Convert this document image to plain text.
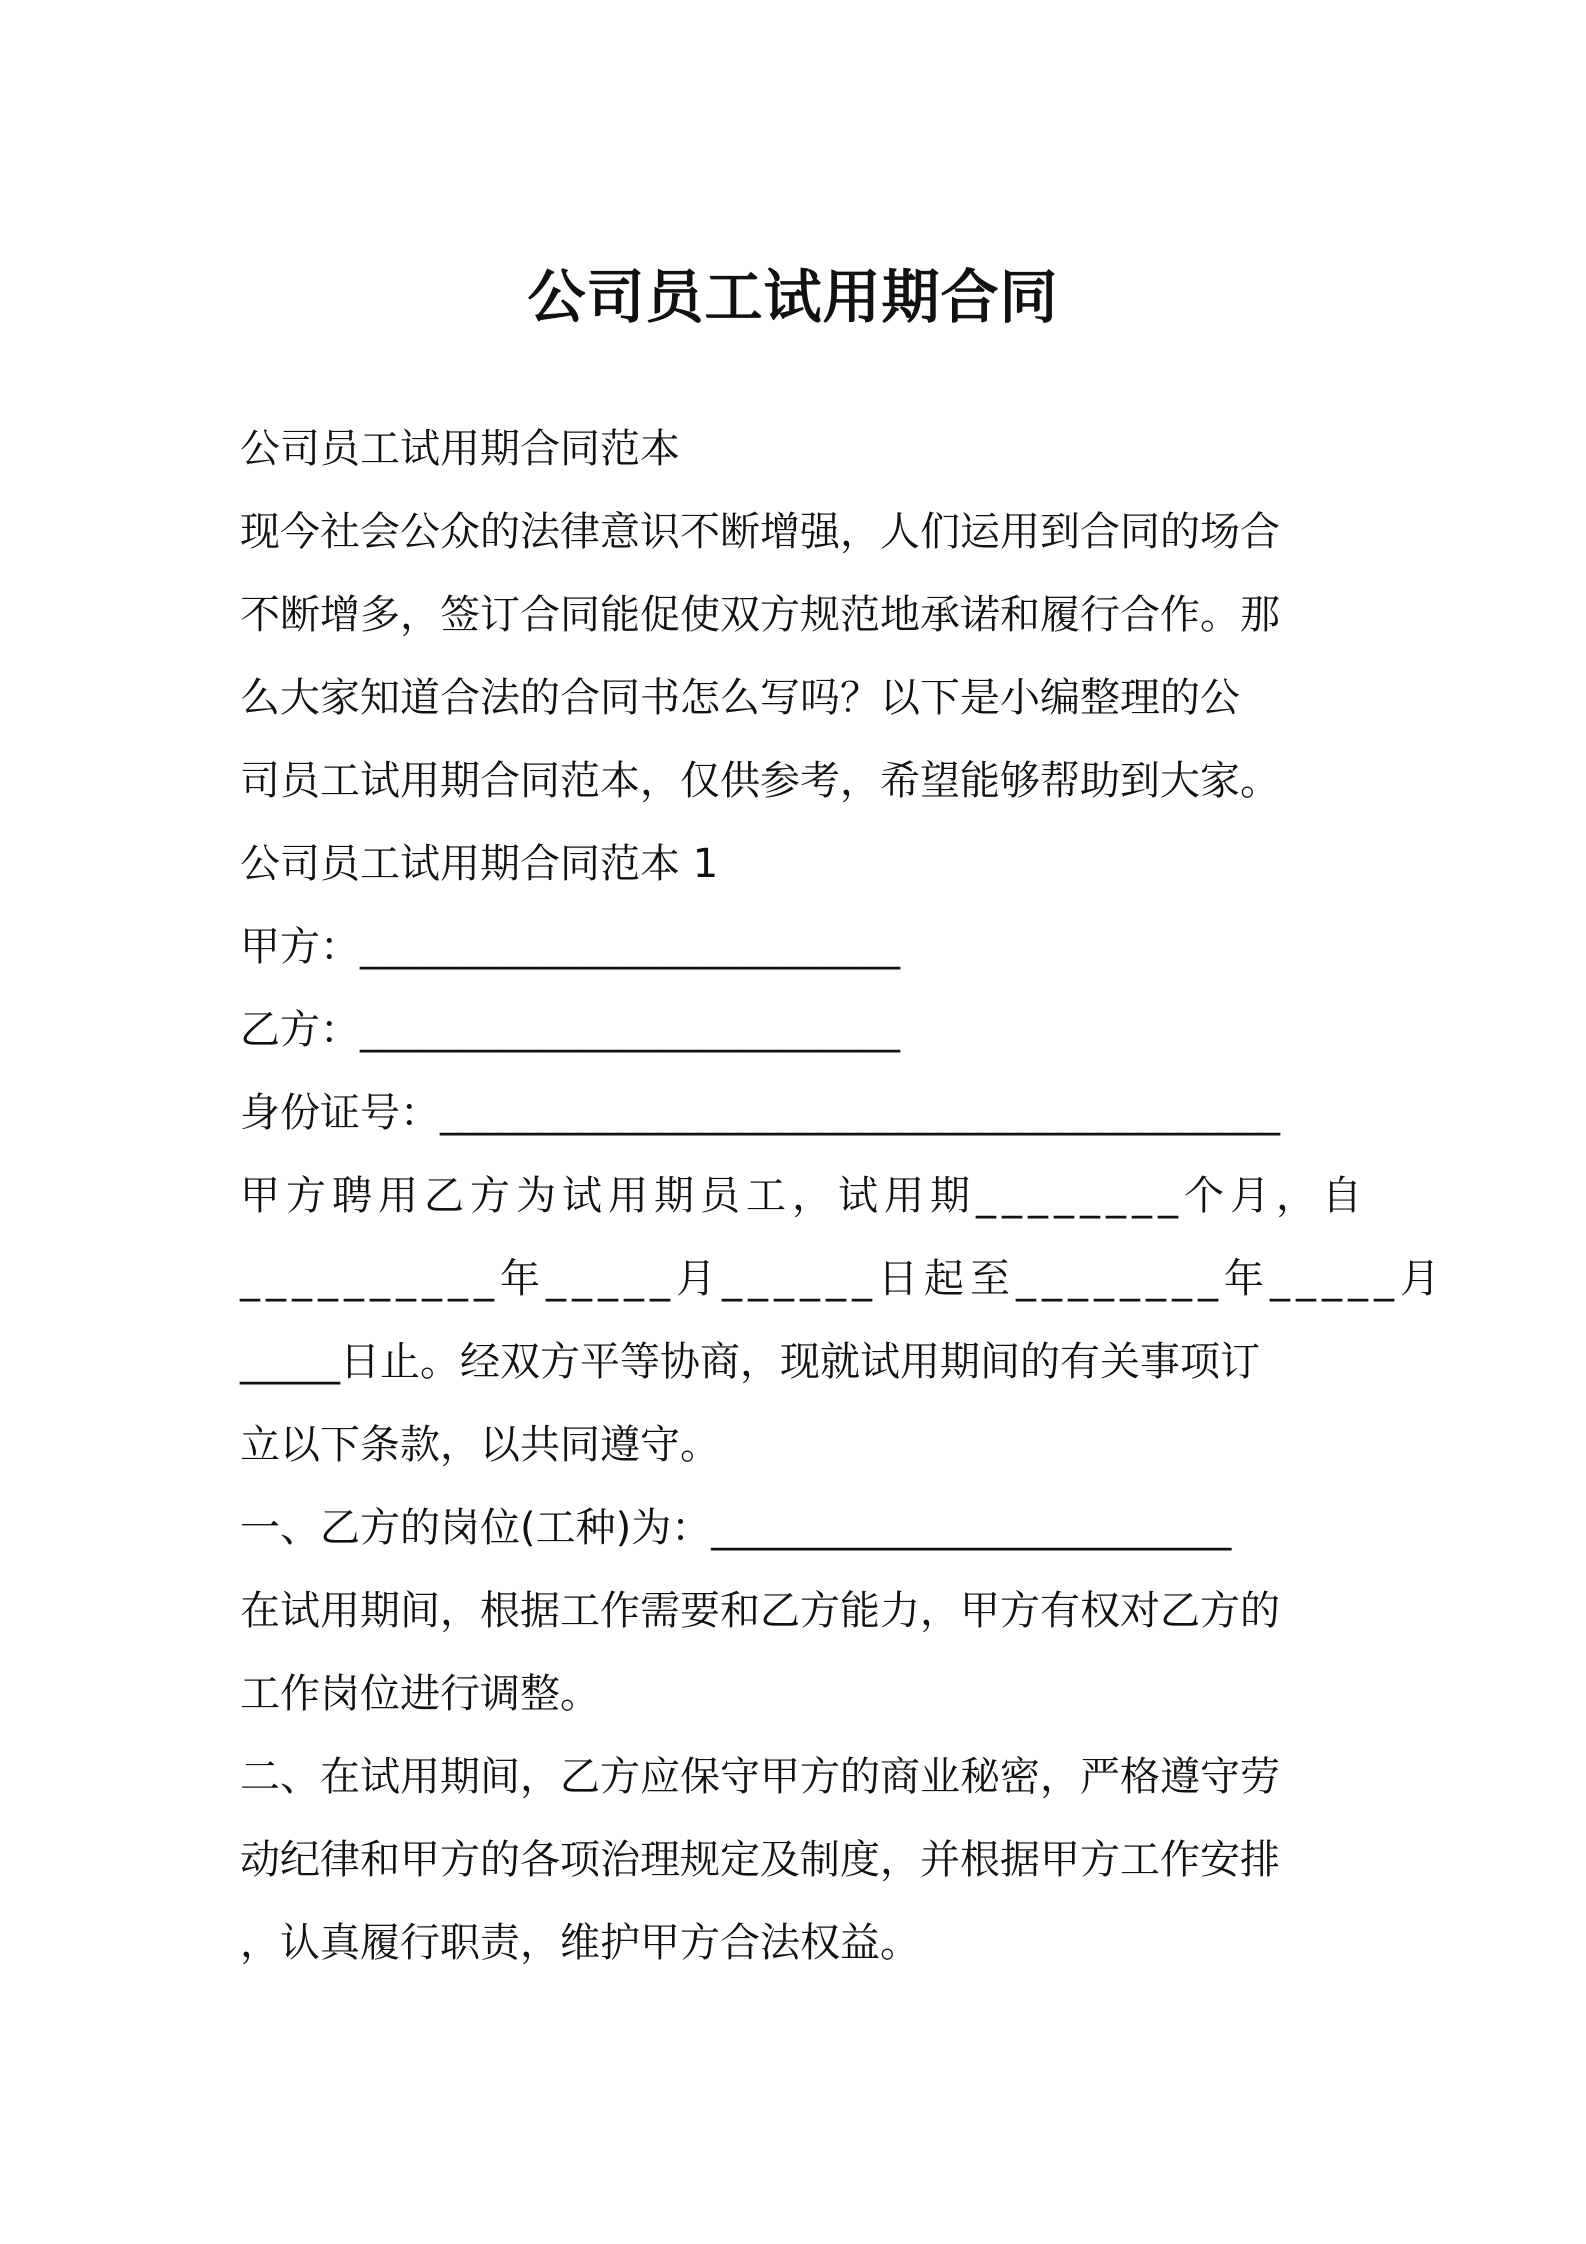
公司员工试用期合同
公司员工试用期合同范本
现今社会公众的法律意识不断增强，人们运用到合同的场合
不断增多，签订合同能促使双方规范地承诺和履行合作。那
么大家知道合法的合同书怎么写吗？以下是小编整理的公
司员工试用期合同范本，仅供参考，希望能够帮助到大家。
公司员工试用期合同范本 1
甲方：___________________________
乙方：___________________________
身份证号：__________________________________________
甲方聘用乙方为试用期员工，试用期________个月，自
__________年_____月______日起至________年_____月
_____日止。经双方平等协商，现就试用期间的有关事项订
立以下条款，以共同遵守。
一、乙方的岗位(工种)为：__________________________
在试用期间，根据工作需要和乙方能力，甲方有权对乙方的
工作岗位进行调整。
二、在试用期间，乙方应保守甲方的商业秘密，严格遵守劳
动纪律和甲方的各项治理规定及制度，并根据甲方工作安排
，认真履行职责，维护甲方合法权益。
